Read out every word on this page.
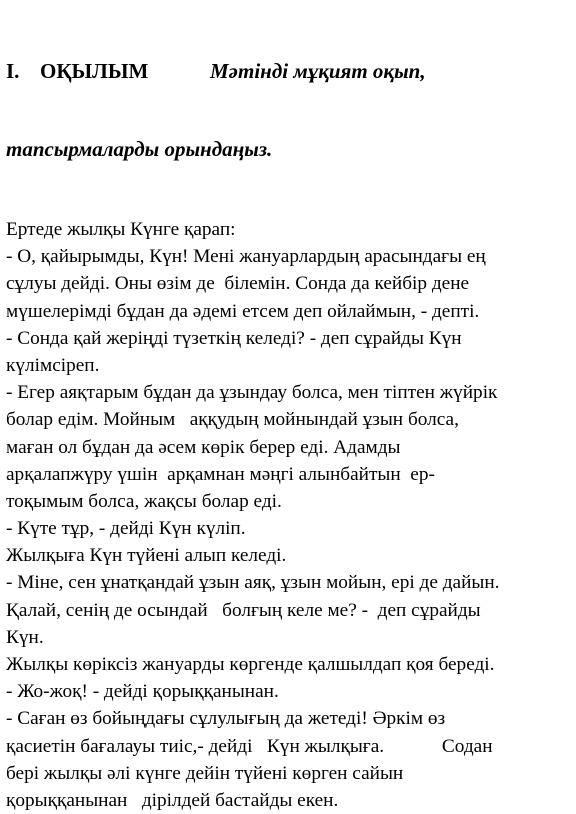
I. ОҚЫЛЫМ	Мәтінді мұқият оқып,

тапсырмаларды орындаңыз.

Ертеде жылқы Күнге қарап:
- О, қайырымды, Күн! Мені жануарлардың арасындағы ең
сұлуы дейді. Оны өзім де  білемін. Сонда да кейбір дене
мүшелерімді бұдан да әдемі етсем деп ойлаймын, - депті.
- Сонда қай жеріңді түзеткің келеді? - деп сұрайды Күн
күлімсіреп.
- Егер аяқтарым бұдан да ұзындау болса, мен тіптен жүйрік
болар едім. Мойным   аққудың мойнындай ұзын болса,
маған ол бұдан да әсем көрік берер еді. Адамды
арқалапжүру үшін  арқамнан мәңгі алынбайтын  ер-
тоқымым болса, жақсы болар еді.
- Күте тұр, - дейді Күн күліп.
Жылқыға Күн түйені алып келеді.
- Міне, сен ұнатқандай ұзын аяқ, ұзын мойын, ері де дайын.
Қалай, сенің де осындай   болғың келе ме? -  деп сұрайды
Күн.
Жылқы көріксіз жануарды көргенде қалшылдап қоя береді.
- Жо-жоқ! - дейді қорыққанынан.
- Саған өз бойыңдағы сұлулығың да жетеді! Әркім өз
қасиетін бағалауы тиіс,- дейді   Күн жылқыға.            Содан
бері жылқы әлі күнге дейін түйені көрген сайын
қорыққанынан   дірілдей бастайды екен.
